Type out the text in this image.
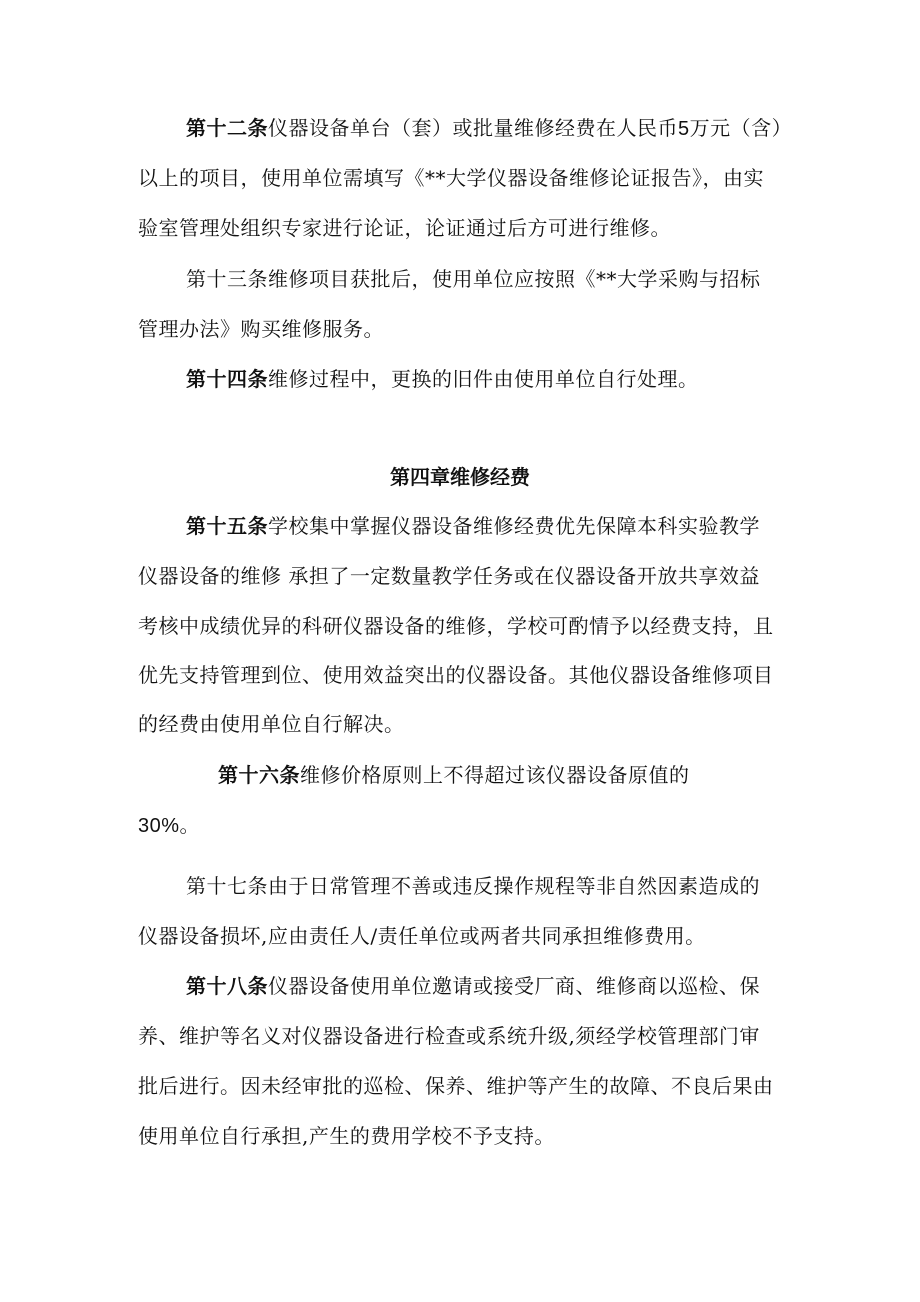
第十二条仪器设备单台（套）或批量维修经费在人民币5万元（含）
以上的项目，使用单位需填写《**大学仪器设备维修论证报告》，由实
验室管理处组织专家进行论证，论证通过后方可进行维修。
第十三条维修项目获批后，使用单位应按照《**大学采购与招标
管理办法》购买维修服务。
第十四条维修过程中，更换的旧件由使用单位自行处理。
第四章维修经费
第十五条学校集中掌握仪器设备维修经费优先保障本科实验教学
仪器设备的维修 承担了一定数量教学任务或在仪器设备开放共享效益
考核中成绩优异的科研仪器设备的维修，学校可酌情予以经费支持，且
优先支持管理到位、使用效益突出的仪器设备。其他仪器设备维修项目
的经费由使用单位自行解决。
第十六条维修价格原则上不得超过该仪器设备原值的
30%。
第十七条由于日常管理不善或违反操作规程等非自然因素造成的
仪器设备损坏,应由责任人/责任单位或两者共同承担维修费用。
第十八条仪器设备使用单位邀请或接受厂商、维修商以巡检、保
养、维护等名义对仪器设备进行检查或系统升级,须经学校管理部门审
批后进行。因未经审批的巡检、保养、维护等产生的故障、不良后果由
使用单位自行承担,产生的费用学校不予支持。
